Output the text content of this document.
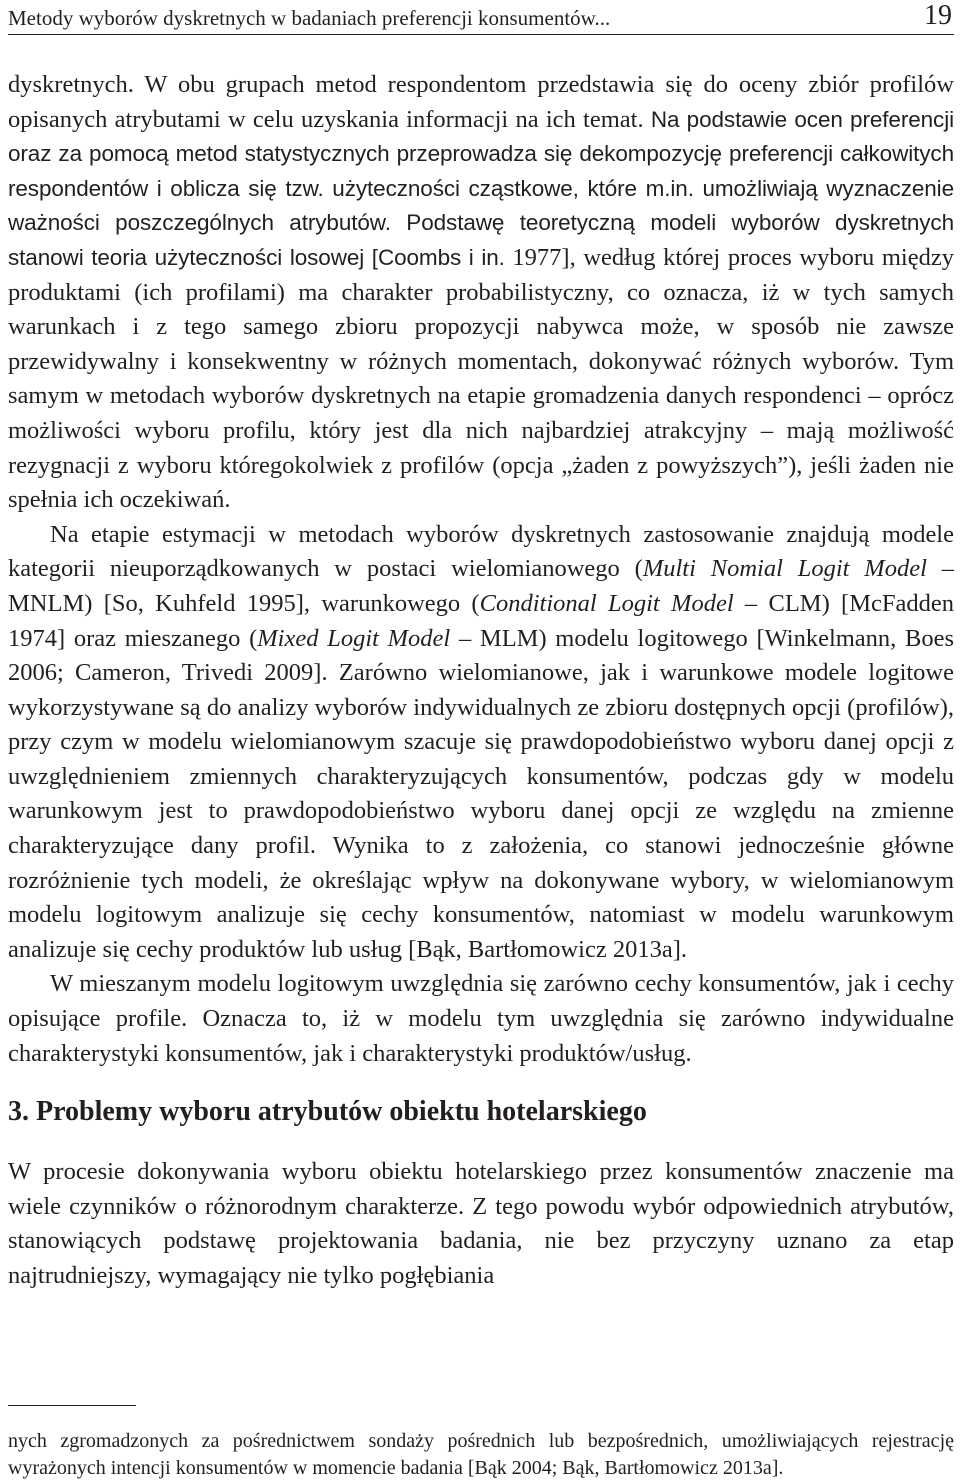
Metody wyborów dyskretnych w badaniach preferencji konsumentów...	19

dyskretnych. W obu grupach metod respondentom przedstawia się do oceny zbiór profilów opisanych atrybutami w celu uzyskania informacji na ich temat. Na podstawie ocen preferencji oraz za pomocą metod statystycznych przeprowadza się dekompozycję preferencji całkowitych respondentów i oblicza się tzw. użyteczności cząstkowe, które m.in. umożliwiają wyznaczenie ważności poszczególnych atrybutów. Podstawę teoretyczną modeli wyborów dyskretnych stanowi teoria użyteczności losowej [Coombs i in. 1977], według której proces wyboru między produktami (ich profilami) ma charakter probabilistyczny, co oznacza, iż w tych samych warunkach i z tego samego zbioru propozycji nabywca może, w sposób nie zawsze przewidywalny i konsekwentny w różnych momentach, dokonywać różnych wyborów. Tym samym w metodach wyborów dyskretnych na etapie gromadzenia danych respondenci – oprócz możliwości wyboru profilu, który jest dla nich najbardziej atrakcyjny – mają możliwość rezygnacji z wyboru któregokolwiek z profilów (opcja „żaden z powyższych”), jeśli żaden nie spełnia ich oczekiwań.

Na etapie estymacji w metodach wyborów dyskretnych zastosowanie znajdują modele kategorii nieuporządkowanych w postaci wielomianowego (Multi Nomial Logit Model – MNLM) [So, Kuhfeld 1995], warunkowego (Conditional Logit Model – CLM) [McFadden 1974] oraz mieszanego (Mixed Logit Model – MLM) modelu logitowego [Winkelmann, Boes 2006; Cameron, Trivedi 2009]. Zarówno wielomianowe, jak i warunkowe modele logitowe wykorzystywane są do analizy wyborów indywidualnych ze zbioru dostępnych opcji (profilów), przy czym w modelu wielomianowym szacuje się prawdopodobieństwo wyboru danej opcji z uwzględnieniem zmiennych charakteryzujących konsumentów, podczas gdy w modelu warunkowym jest to prawdopodobieństwo wyboru danej opcji ze względu na zmienne charakteryzujące dany profil. Wynika to z założenia, co stanowi jednocześnie główne rozróżnienie tych modeli, że określając wpływ na dokonywane wybory, w wielomianowym modelu logitowym analizuje się cechy konsumentów, natomiast w modelu warunkowym analizuje się cechy produktów lub usług [Bąk, Bartłomowicz 2013a].

W mieszanym modelu logitowym uwzględnia się zarówno cechy konsumentów, jak i cechy opisujące profile. Oznacza to, iż w modelu tym uwzględnia się zarówno indywidualne charakterystyki konsumentów, jak i charakterystyki produktów/usług.

3. Problemy wyboru atrybutów obiektu hotelarskiego

W procesie dokonywania wyboru obiektu hotelarskiego przez konsumentów znaczenie ma wiele czynników o różnorodnym charakterze. Z tego powodu wybór odpowiednich atrybutów, stanowiących podstawę projektowania badania, nie bez przyczyny uznano za etap najtrudniejszy, wymagający nie tylko pogłębiania

nych zgromadzonych za pośrednictwem sondaży pośrednich lub bezpośrednich, umożliwiających rejestrację wyrażonych intencji konsumentów w momencie badania [Bąk 2004; Bąk, Bartłomowicz 2013a].
